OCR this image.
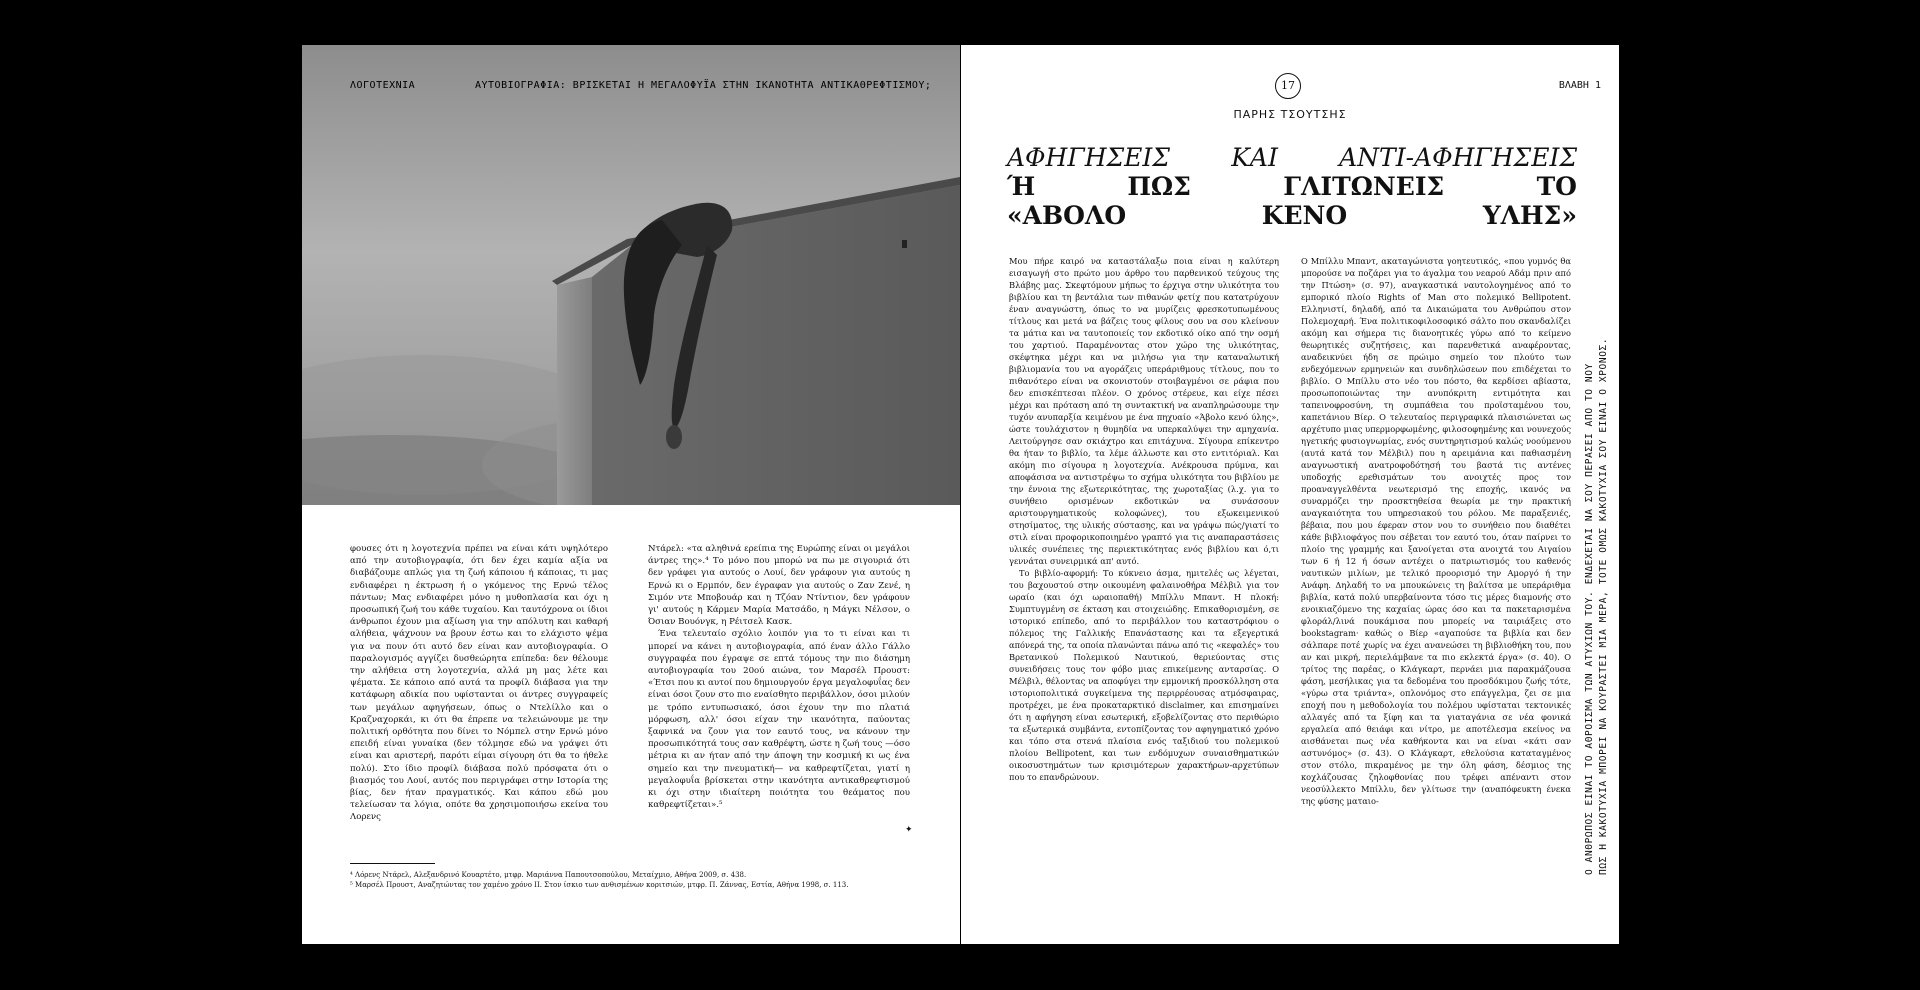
ΛΟΓΟΤΕΧΝΙΑ	ΑΥΤΟΒΙΟΓΡΑΦΙΑ: ΒΡΙΣΚΕΤΑΙ Η ΜΕΓΑΛΟΦΥΪΑ ΣΤΗΝ ΙΚΑΝΟΤΗΤΑ ΑΝΤΙΚΑΘΡΕΦΤΙΣΜΟΥ;

φουσες ότι η λογοτεχνία πρέπει να είναι κάτι υψηλότερο από την αυτοβιογραφία, ότι δεν έχει καμία αξία να διαβάζουμε απλώς για τη ζωή κάποιου ή κάποιας, τι μας ενδιαφέρει η έκτρωση ή ο γκόμενος της Ερνώ τέλος πάντων; Μας ενδιαφέρει μόνο η μυθοπλασία και όχι η προσωπική ζωή του κάθε τυχαίου. Και ταυτόχρονα οι ίδιοι άνθρωποι έχουν μια αξίωση για την απόλυτη και καθαρή αλήθεια, ψάχνουν να βρουν έστω και το ελάχιστο ψέμα για να πουν ότι αυτό δεν είναι καν αυτοβιογραφία. Ο παραλογισμός αγγίζει δυσθεώρητα επίπεδα: δεν θέλουμε την αλήθεια στη λογοτεχνία, αλλά μη μας λέτε και ψέματα. Σε κάποιο από αυτά τα προφίλ διάβασα για την κατάφωρη αδικία που υφίστανται οι άντρες συγγραφείς των μεγάλων αφηγήσεων, όπως ο Ντελίλλο και ο Κραζναχορκάι, κι ότι θα έπρεπε να τελειώνουμε με την πολιτική ορθότητα που δίνει το Νόμπελ στην Ερνώ μόνο επειδή είναι γυναίκα (δεν τόλμησε εδώ να γράψει ότι είναι και αριστερή, παρότι είμαι σίγουρη ότι θα το ήθελε πολύ). Στο ίδιο προφίλ διάβασα πολύ πρόσφατα ότι ο βιασμός του Λουί, αυτός που περιγράφει στην Ιστορία της βίας, δεν ήταν πραγματικός. Και κάπου εδώ μου τελείωσαν τα λόγια, οπότε θα χρησιμοποιήσω εκείνα του Λορενς

Ντάρελ: «τα αληθινά ερείπια της Ευρώπης είναι οι μεγάλοι άντρες της».⁴ Το μόνο που μπορώ να πω με σιγουριά ότι δεν γράφει για αυτούς ο Λουί, δεν γράφουν για αυτούς η Ερνώ κι ο Ερμπόν, δεν έγραφαν για αυτούς ο Ζαν Ζενέ, η Σιμόν ντε Μποβουάρ και η Τζόαν Ντίντιον, δεν γράφουν γι' αυτούς η Κάρμεν Μαρία Ματσάδο, η Μάγκι Νέλσον, ο Όσιαν Βουόνγκ, η Ρέιτσελ Κασκ.

Ένα τελευταίο σχόλιο λοιπόν για το τι είναι και τι μπορεί να κάνει η αυτοβιογραφία, από έναν άλλο Γάλλο συγγραφέα που έγραψε σε επτά τόμους την πιο διάσημη αυτοβιογραφία του 20ού αιώνα, τον Μαρσέλ Προυστ: «Έτσι που κι αυτοί που δημιουργούν έργα μεγαλοφυΐας δεν είναι όσοι ζουν στο πιο εναίσθητο περιβάλλον, όσοι μιλούν με τρόπο εντυπωσιακό, όσοι έχουν την πιο πλατιά μόρφωση, αλλ' όσοι είχαν την ικανότητα, παύοντας ξαφνικά να ζουν για τον εαυτό τους, να κάνουν την προσωπικότητά τους σαν καθρέφτη, ώστε η ζωή τους —όσο μέτρια κι αν ήταν από την άποψη την κοσμική κι ως ένα σημείο και την πνευματική— να καθρεφτίζεται, γιατί η μεγαλοφυΐα βρίσκεται στην ικανότητα αντικαθρεφτισμού κι όχι στην ιδιαίτερη ποιότητα του θεάματος που καθρεφτίζεται».⁵

✦
⁴ Λόρενς Ντάρελ, Αλεξανδρινό Κουαρτέτο, μτφρ. Μαριάννα Παπουτσοπούλου, Μεταίχμιο, Αθήνα 2009, σ. 438.
⁵ Μαρσέλ Προυστ, Αναζητώντας τον χαμένο χρόνο ΙΙ. Στον ίσκιο των ανθισμένων κοριτσιών, μτφρ. Π. Ζάννας, Εστία, Αθήνα 1998, σ. 113.
17	ΒΛΑΒΗ 1
ΠΑΡΗΣ ΤΣΟΥΤΣΗΣ
ΑΦΗΓΗΣΕΙΣ ΚΑΙ ΑΝΤΙ-ΑΦΗΓΗΣΕΙΣ
Ή	ΠΩΣ	ΓΛΙΤΩΝΕΙΣ	ΤΟ
«ΑΒΟΛΟ	ΚΕΝΟ	ΥΛΗΣ»

Μου πήρε καιρό να καταστάλαξω ποια είναι η καλύτερη εισαγωγή στο πρώτο μου άρθρο του παρθενικού τεύχους της Βλάβης μας. Σκεφτόμουν μήπως το έρχιγα στην υλικότητα του βιβλίου και τη βεντάλια των πιθανών φετίχ που κατατρύχουν έναν αναγνώστη, όπως το να μυρίζεις φρεσκοτυπωμένους τίτλους και μετά να βάζεις τους φίλους σου να σου κλείνουν τα μάτια και να ταυτοποιείς τον εκδοτικό οίκο από την οσμή του χαρτιού. Παραμένοντας στον χώρο της υλικότητας, σκέφτηκα μέχρι και να μιλήσω για την καταναλωτική βιβλιομανία του να αγοράζεις υπεράριθμους τίτλους, που το πιθανότερο είναι να σκονιστούν στοιβαγμένοι σε ράφια που δεν επισκέπτεσαι πλέον. Ο χρόνος στέρευε, και είχε πέσει μέχρι και πρόταση από τη συντακτική να αναπληρώσουμε την τυχόν ανυπαρξία κειμένου με ένα πηχυαίο «Άβολο κενό ύλης», ώστε τουλάχιστον η θυμηδία να υπερκαλύψει την αμηχανία. Λειτούργησε σαν σκιάχτρο και επιτάχυνα. Σίγουρα επίκεντρο θα ήταν το βιβλίο, τα λέμε άλλωστε και στο εντιτόριαλ. Και ακόμη πιο σίγουρα η λογοτεχνία. Ανέκρουσα πρύμνα, και αποφάσισα να αντιστρέψω το σχήμα υλικότητα του βιβλίου με την έννοια της εξωτερικότητας, της χωροταξίας (λ.χ. για το συνήθειο ορισμένων εκδοτικών να συνάσσουν αριστουργηματικούς κολοφώνες), του εξωκειμενικού στησίματος, της υλικής σύστασης, και να γράψω πώς/γιατί το στιλ είναι προφορικοποιημένο γραπτό για τις αναπαραστάσεις υλικές συνέπειες της περιεκτικότητας ενός βιβλίου και ό,τι γεννάται συνειρμικά απ' αυτό.

Το βιβλίο-αφορμή: Το κύκνειο άσμα, ημιτελές ως λέγεται, του βαχουστού στην οικουμένη φαλαινοθήρα Μέλβιλ για τον ωραίο (και όχι ωραιοπαθή) Μπίλλυ Μπαντ. Η πλοκή: Συμπτυγμένη σε έκταση και στοιχειώδης. Επικαθορισμένη, σε ιστορικό επίπεδο, από το περιβάλλον του καταστρόφιου ο πόλεμος της Γαλλικής Επανάστασης και τα εξεγερτικά απόνερά της, τα οποία πλανώνται πάνω από τις «κεφαλές» του Βρετανικού Πολεμικού Ναυτικού, θεριεύοντας στις συνειδήσεις τους τον φόβο μιας επικείμενης ανταρσίας. Ο Μέλβιλ, θέλοντας να αποφύγει την εμμονική προσκόλληση στα ιστοριοπολιτικά συγκείμενα της περιρρέουσας ατμόσφαιρας, προτρέχει, με ένα προκαταρκτικό disclaimer, και επισημαίνει ότι η αφήγηση είναι εσωτερική, εξοβελίζοντας στο περιθώριο τα εξωτερικά συμβάντα, εντοπίζοντας τον αφηγηματικό χρόνο και τόπο στα στενά πλαίσια ενός ταξιδιού του πολεμικού πλοίου Bellipotent, και των ενδόμυχων συναισθηματικών οικοσυστημάτων των κρισιμότερων χαρακτήρων-αρχετύπων που το επανδρώνουν.

Ο Μπίλλυ Μπαντ, ακαταγώνιστα γοητευτικός, «που γυμνός θα μπορούσε να ποζάρει για το άγαλμα του νεαρού Αδάμ πριν από την Πτώση» (σ. 97), αναγκαστικά ναυτολογημένος από το εμπορικό πλοίο Rights of Man στο πολεμικό Bellipotent. Ελληνιστί, δηλαδή, από τα Δικαιώματα του Ανθρώπου στον Πολεμοχαρή. Ένα πολιτικοφιλοσοφικό σάλτο που σκανδαλίζει ακόμη και σήμερα τις διανοητικές γύρω από το κείμενο θεωρητικές συζητήσεις, και παρενθετικά αναφέροντας, αναδεικνύει ήδη σε πρώιμο σημείο τον πλούτο των ενδεχόμενων ερμηνειών και συνδηλώσεων που επιδέχεται το βιβλίο. Ο Μπίλλυ στο νέο του πόστο, θα κερδίσει αβίαστα, προσωποποιώντας την ανυπόκριτη εντιμότητα και ταπεινοφροσύνη, τη συμπάθεια του προϊσταμένου του, καπετάνιου Βίερ. Ο τελευταίος περιγραφικά πλαισιώνεται ως αρχέτυπο μιας υπερμορφωμένης, φιλοσοφημένης και νουνεχούς ηγετικής φυσιογνωμίας, ενός συντηρητισμού καλώς νοούμενου (αυτά κατά τον Μέλβιλ) που η αρειμάνια και παθιασμένη αναγνωστική ανατροφοδότησή του βαστά τις αντένες υποδοχής ερεθισμάτων του ανοιχτές προς τον προαναγγελθέντα νεωτερισμό της εποχής, ικανός να συναρμόζει την προσκτηθείσα θεωρία με την πρακτική αναγκαιότητα του υπηρεσιακού του ρόλου. Με παραξενιές, βέβαια, που μου έφεραν στον νου το συνήθειο που διαθέτει κάθε βιβλιοφάγος που σέβεται τον εαυτό του, όταν παίρνει το πλοίο της γραμμής και ξανοίγεται στα ανοιχτά του Αιγαίου των 6 ή 12 ή όσων αντέχει ο πατριωτισμός του καθενός ναυτικών μιλίων, με τελικό προορισμό την Αμοργό ή την Ανάφη. Δηλαδή το να μπουκώνεις τη βαλίτσα με υπεράριθμα βιβλία, κατά πολύ υπερβαίνοντα τόσο τις μέρες διαμονής στο ενοικιαζόμενο της καχαίας ώρας όσο και τα πακεταρισμένα φλοράλ/λινά πουκάμισα που μπορείς να ταιριάξεις στο bookstagram· καθώς ο Βίερ «αγαπούσε τα βιβλία και δεν σάλπαρε ποτέ χωρίς να έχει ανανεώσει τη βιβλιοθήκη του, που αν και μικρή, περιελάμβανε τα πιο εκλεκτά έργα» (σ. 40). Ο τρίτος της παρέας, ο Κλάγκαρτ, περνάει μια παρακμάζουσα φάση, μεσήλικας για τα δεδομένα του προσδόκιμου ζωής τότε, «γύρω στα τριάντα», οπλονόμος στο επάγγελμα, ζει σε μια εποχή που η μεθοδολογία του πολέμου υφίσταται τεκτονικές αλλαγές από τα ξίφη και τα γιαταγάνια σε νέα φονικά εργαλεία από θειάφι και νίτρο, με αποτέλεσμα εκείνος να αισθάνεται πως νέα καθήκοντα και να είναι «κάτι σαν αστυνόμος» (σ. 43). Ο Κλάγκαρτ, εθελούσια καταταγμένος στον στόλο, πικραμένος με την όλη φάση, δέσμιος της κοχλάζουσας ζηλοφθονίας που τρέφει απέναντι στον νεοσύλλεκτο Μπίλλυ, δεν γλίτωσε την (αναπόφευκτη ένεκα της φύσης ματαιο-	Ο ΑΝΘΡΩΠΟΣ ΕΙΝΑΙ ΤΟ ΑΘΡΟΙΣΜΑ ΤΩΝ ΑΤΥΧΙΩΝ ΤΟΥ. ΕΝΔΕΧΕΤΑΙ ΝΑ ΣΟΥ ΠΕΡΑΣΕΙ ΑΠΟ ΤΟ ΝΟΥ ΠΩΣ Η ΚΑΚΟΤΥΧΙΑ ΜΠΟΡΕΙ ΝΑ ΚΟΥΡΑΣΤΕΙ ΜΙΑ ΜΕΡΑ, ΤΟΤΕ ΟΜΩΣ ΚΑΚΟΤΥΧΙΑ ΣΟΥ ΕΙΝΑΙ Ο ΧΡΟΝΟΣ.
